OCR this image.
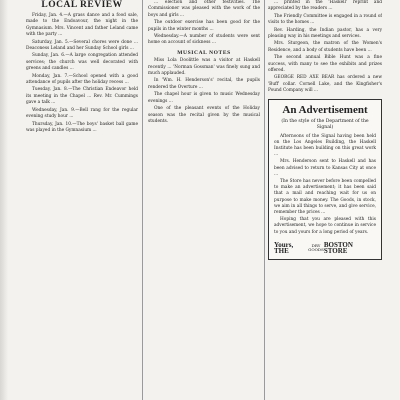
LOCAL REVIEW

Friday, Jan. 4.—A grass dance and a food sale, made to the Endoavour, the night in the Gymnasium. Mrs. Vincent and father Leland came with the party ...

Saturday, Jan. 5.—Several chores were done ... Deaconess Leland and her Sunday School girls ...

Sunday, Jan. 6.—A large congregation attended services; the church was well decorated with greens and candles ...

Monday, Jan. 7.—School opened with a good attendance of pupils after the holiday recess ...

Tuesday, Jan. 8.—The Christian Endeavor held its meeting in the Chapel ... Rev. Mr. Cummings gave a talk ...

Wednesday, Jan. 9.—Bell rang for the regular evening study hour ...

Thursday, Jan. 10.—The boys' basket ball game was played in the Gymnasium ...

... election and other festivities. The Commissioner was pleased with the work of the boys and girls ...

The outdoor exercise has been good for the pupils in the winter months ...

Wednesday.—A number of students were sent home on account of sickness ...

MUSICAL NOTES

Miss Lola Doolittle was a visitor at Haskell recently ... 'Norman Gossman' was finely sung and much applauded.

In 'Wm. H. Henderson's' recital, the pupils rendered the Overture ...

The chapel hour is given to music Wednesday evenings ...

One of the pleasant events of the Holiday season was the recital given by the musical students.

... printed in the 'Haskell' reprint and appreciated by the readers ...

The Friendly Committee is engaged in a round of visits to the homes ...

Rev. Harding, the Indian pastor, has a very pleasing way in his meetings and services.

Mrs. Sturgeon, the matron of the Women's Residence, and a body of students have been ...

The second annual Bible Hunt was a fine success, with many to see the exhibits and prizes offered.

GEORGE RED AXE BEAR has ordered a new 'Buff' collar. Cornell Lake, and the Kingfisher's Pound Company will ...

An Advertisement
(In the style of the Department of the Signal)

Afternoons of the Signal having been held on the Los Angeles Building, the Haskell Institute has been building on this great work ...

Mrs. Henderson sent to Haskell and has been advised to return to Kansas City at once ...

The Store has never before been compelled to make an advertisement; it has been said that a mail and reaching wait for us on purpose to make money. The Goods, in stock, we aim in all things to serve, and give service, remember the prices ...

Hoping that you are pleased with this advertisement, we hope to continue in service to you and yours for a long period of years.

Yours, THE
DRY
GOODS
BOSTON STORE
